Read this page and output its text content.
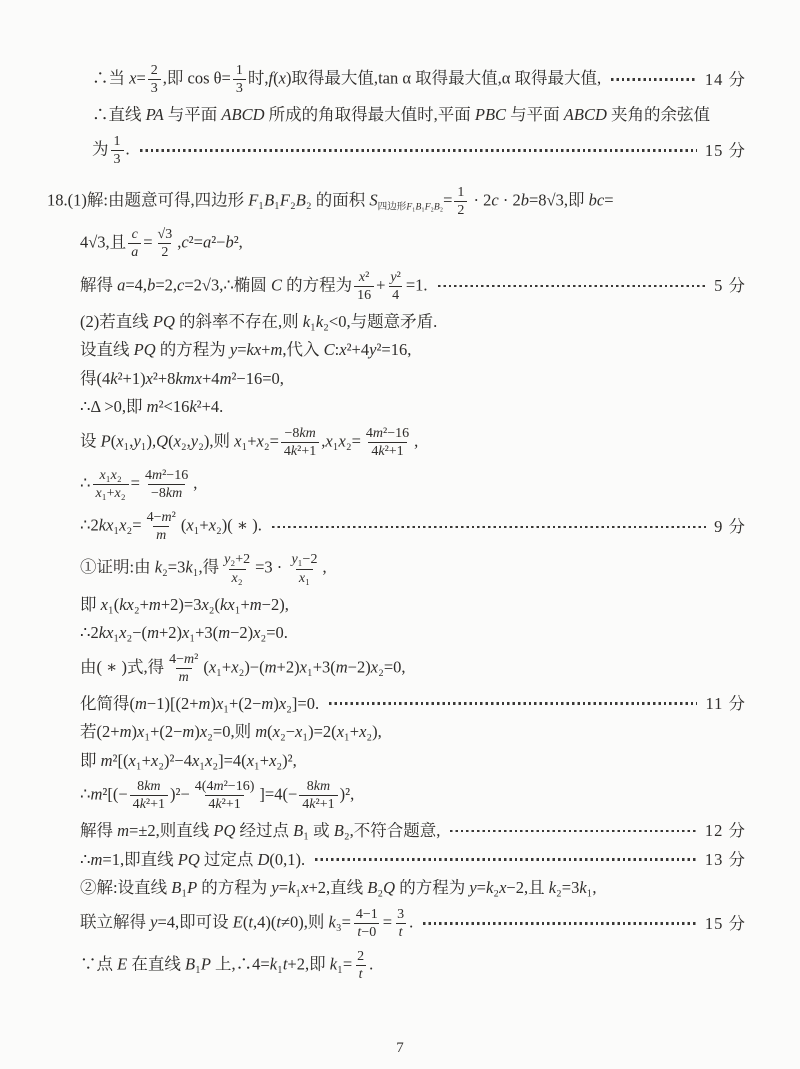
∴当 $x= \frac{2}{3}$ ,即 $\cos \theta= \frac{1}{3}$ 时,f(x)取得最大值,tan α 取得最大值,α 取得最大值,	14 分
∴直线 PA 与平面 ABCD 所成的角取得最大值时,平面 PBC 与平面 ABCD 夹角的余弦值
为 $\frac{1}{3}$ .	15 分
18.(1)解:由题意可得,四边形 F₁B₁F₂B₂ 的面积 $S_{四边形F_1B_1F_2B_2}= \frac{1}{2} \cdot 2c \cdot 2b=8√3$,即 bc=
4√3,且 $\frac{c}{a} = \frac{√3}{2} ,c^2=a^2-b^2$,
解得 a=4,b=2,c=2√3,∴椭圆 C 的方程为 $\frac{\text{x²}}{16} + \frac{\text{y²}}{4} =1$.	5 分
(2)若直线 PQ 的斜率不存在,则 k₁k₂<0,与题意矛盾.
设直线 PQ 的方程为 y=kx+m,代入 C:x²+4y²=16,
得(4k²+1)x²+8kmx+4m²−16=0,
∴Δ >0,即 m²<16k²+4.
设 P(x₁,y₁),Q(x₂,y₂),则 $x_1+x_2= \frac{-8km}{\text{4k²+1}} ,x_1x_2= \frac{\text{4m²−16}}{\text{4k²+1}}$ ,
∴ $\frac{\text{x₁x₂}}{\text{x₁+x₂}} = \frac{\text{4m²−16}}{-8km}$ ,
∴2kx₁x₂= $\frac{\text{4−m²}}{m} (x_1+x_2)$( ∗ ).	9 分
①证明:由 k₂=3k₁,得 $\frac{\text{y₂+2}}{\text{x₂}} =3 \cdot \frac{\text{y₁−2}}{\text{x₁}}$ ,
即 x₁(kx₂+m+2)=3x₂(kx₁+m−2),
∴2kx₁x₂−(m+2)x₁+3(m−2)x₂=0.
由( ∗ )式,得 $\frac{\text{4−m²}}{m} (x_1+x_2)-(m+2)x_1+3(m-2)x_2=0$,
化简得(m−1)[(2+m)x₁+(2−m)x₂]=0.	11 分
若(2+m)x₁+(2−m)x₂=0,则 m(x₂−x₁)=2(x₁+x₂),
即 m²[(x₁+x₂)²−4x₁x₂]=4(x₁+x₂)²,
∴m²[(− $\frac{8km}{\text{4k²+1}} )^2- \frac{\text{4(4m²−16)}}{\text{4k²+1}} ]=4(- \frac{8km}{\text{4k²+1}} )^2$,
解得 m=±2,则直线 PQ 经过点 B₁ 或 B₂,不符合题意,	12 分
∴m=1,即直线 PQ 过定点 D(0,1).	13 分
②解:设直线 B₁P 的方程为 y=k₁x+2,直线 B₂Q 的方程为 y=k₂x−2,且 k₂=3k₁,
联立解得 y=4,即可设 E(t,4)(t≠0),则 $k_3= \frac{4-1}{t-0} = \frac{3}{t}$ .	15 分
∵点 E 在直线 B₁P 上,∴4=k₁t+2,即 $k_1= \frac{2}{t}$ .
7
